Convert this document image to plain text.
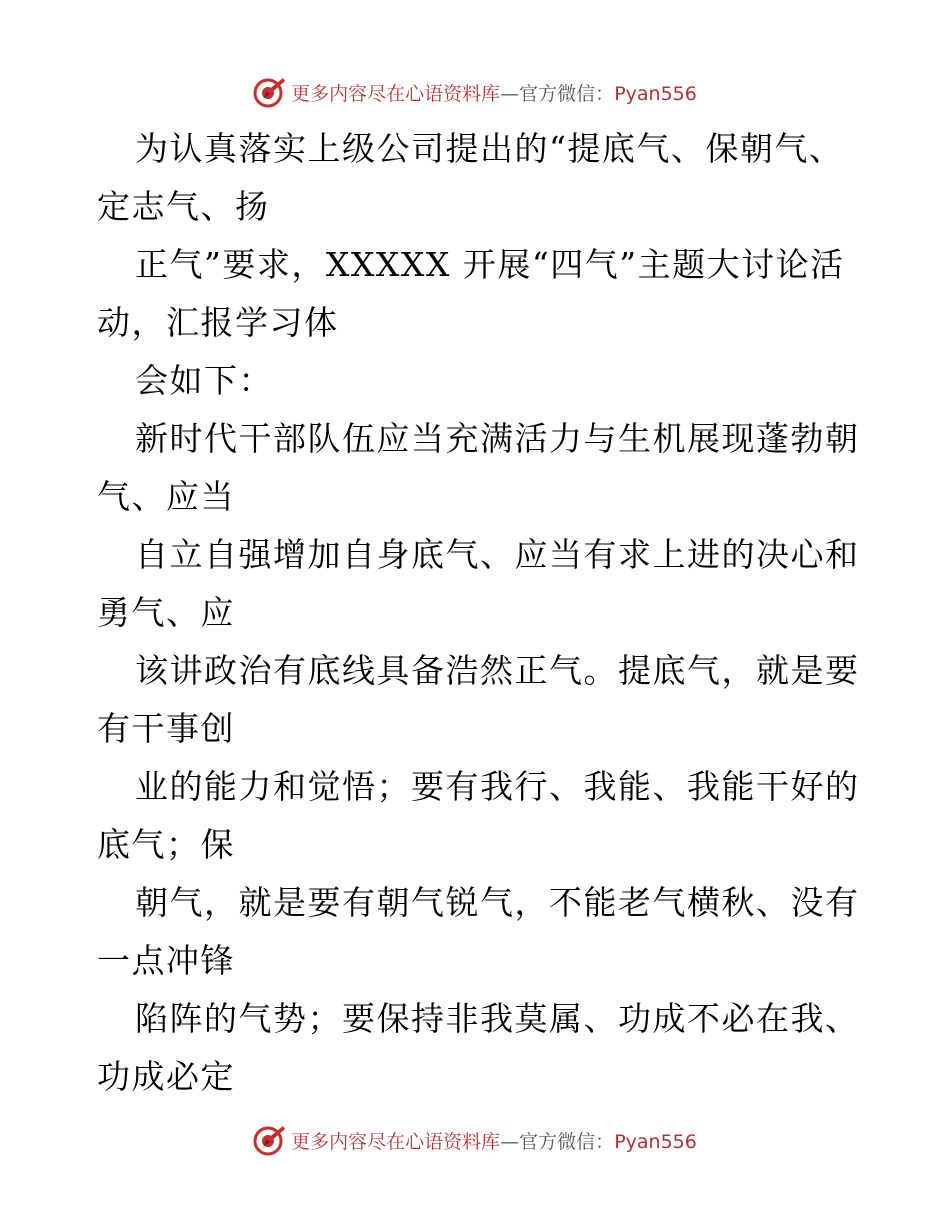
更多内容尽在心语资料库—官方微信：Pyan556
为认真落实上级公司提出的“提底气、保朝气、
定志气、扬
正气”要求，XXXXX 开展“四气”主题大讨论活
动，汇报学习体
会如下：
新时代干部队伍应当充满活力与生机展现蓬勃朝
气、应当
自立自强增加自身底气、应当有求上进的决心和
勇气、应
该讲政治有底线具备浩然正气。提底气，就是要
有干事创
业的能力和觉悟；要有我行、我能、我能干好的
底气；保
朝气，就是要有朝气锐气，不能老气横秋、没有
一点冲锋
陷阵的气势；要保持非我莫属、功成不必在我、
功成必定
更多内容尽在心语资料库—官方微信：Pyan556
